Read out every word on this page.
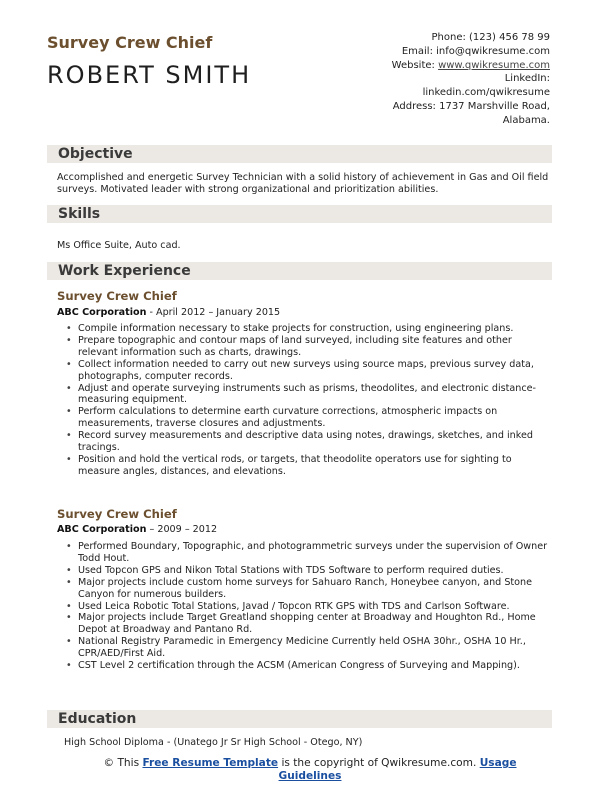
Survey Crew Chief
ROBERT SMITH
Phone: (123) 456 78 99
Email: info@qwikresume.com
Website: www.qwikresume.com
LinkedIn:
linkedin.com/qwikresume
Address: 1737 Marshville Road,
Alabama.
Objective

Accomplished and energetic Survey Technician with a solid history of achievement in Gas and Oil field surveys. Motivated leader with strong organizational and prioritization abilities.

Skills

Ms Office Suite, Auto cad.

Work Experience
Survey Crew Chief

ABC Corporation - April 2012 – January 2015

• Compile information necessary to stake projects for construction, using engineering plans.
• Prepare topographic and contour maps of land surveyed, including site features and other relevant information such as charts, drawings.
• Collect information needed to carry out new surveys using source maps, previous survey data, photographs, computer records.
• Adjust and operate surveying instruments such as prisms, theodolites, and electronic distance- measuring equipment.
• Perform calculations to determine earth curvature corrections, atmospheric impacts on measurements, traverse closures and adjustments.
• Record survey measurements and descriptive data using notes, drawings, sketches, and inked tracings.
• Position and hold the vertical rods, or targets, that theodolite operators use for sighting to measure angles, distances, and elevations.
Survey Crew Chief

ABC Corporation – 2009 – 2012

• Performed Boundary, Topographic, and photogrammetric surveys under the supervision of Owner Todd Hout.
• Used Topcon GPS and Nikon Total Stations with TDS Software to perform required duties.
• Major projects include custom home surveys for Sahuaro Ranch, Honeybee canyon, and Stone Canyon for numerous builders.
• Used Leica Robotic Total Stations, Javad / Topcon RTK GPS with TDS and Carlson Software.
• Major projects include Target Greatland shopping center at Broadway and Houghton Rd., Home Depot at Broadway and Pantano Rd.
• National Registry Paramedic in Emergency Medicine Currently held OSHA 30hr., OSHA 10 Hr., CPR/AED/First Aid.
• CST Level 2 certification through the ACSM (American Congress of Surveying and Mapping).
Education

High School Diploma - (Unatego Jr Sr High School - Otego, NY)

© This Free Resume Template is the copyright of Qwikresume.com. Usage Guidelines
